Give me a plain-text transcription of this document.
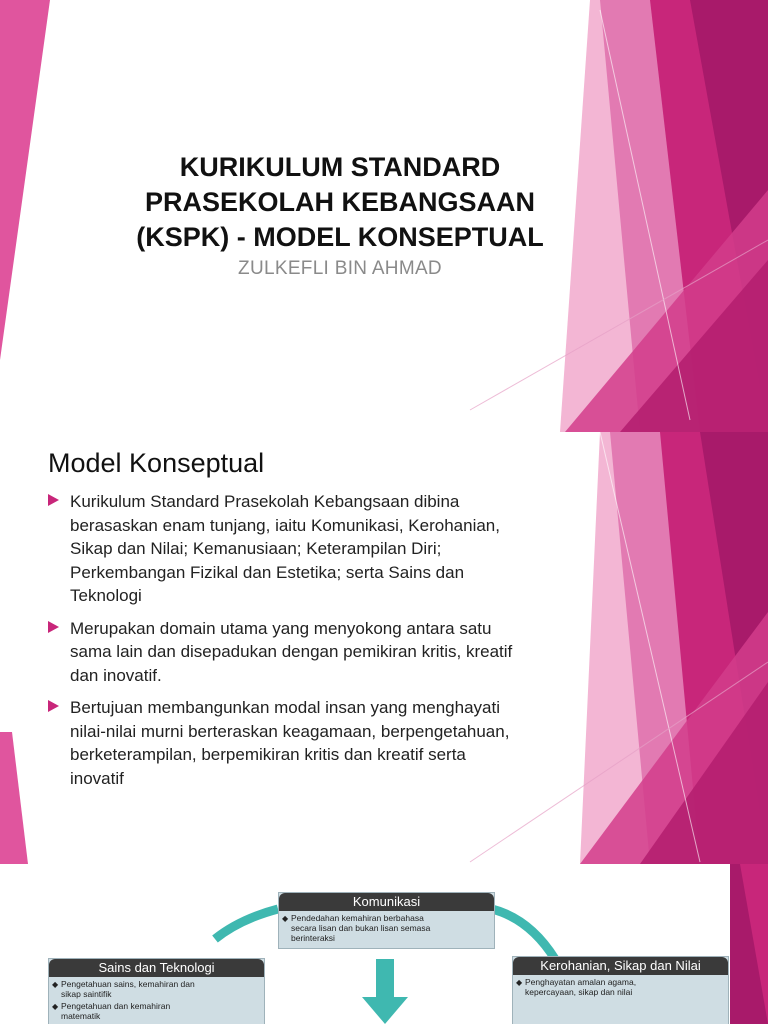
KURIKULUM STANDARD
PRASEKOLAH KEBANGSAAN
(KSPK) - MODEL KONSEPTUAL
ZULKEFLI BIN AHMAD
Model Konseptual
Kurikulum Standard Prasekolah Kebangsaan dibina
berasaskan enam tunjang, iaitu Komunikasi, Kerohanian,
Sikap dan Nilai; Kemanusiaan; Keterampilan Diri;
Perkembangan Fizikal dan Estetika; serta Sains dan
Teknologi
Merupakan domain utama yang menyokong antara satu
sama lain dan disepadukan dengan pemikiran kritis, kreatif
dan inovatif.
Bertujuan membangunkan modal insan yang menghayati
nilai-nilai murni berteraskan keagamaan, berpengetahuan,
berketerampilan, berpemikiran kritis dan kreatif serta
inovatif
Komunikasi
◆ Pendedahan kemahiran berbahasa
secara lisan dan bukan lisan semasa
berinteraksi
Sains dan Teknologi
◆ Pengetahuan sains, kemahiran dan
sikap saintifik
◆ Pengetahuan dan kemahiran
matematik
Kerohanian, Sikap dan Nilai
◆ Penghayatan amalan agama,
kepercayaan, sikap dan nilai
